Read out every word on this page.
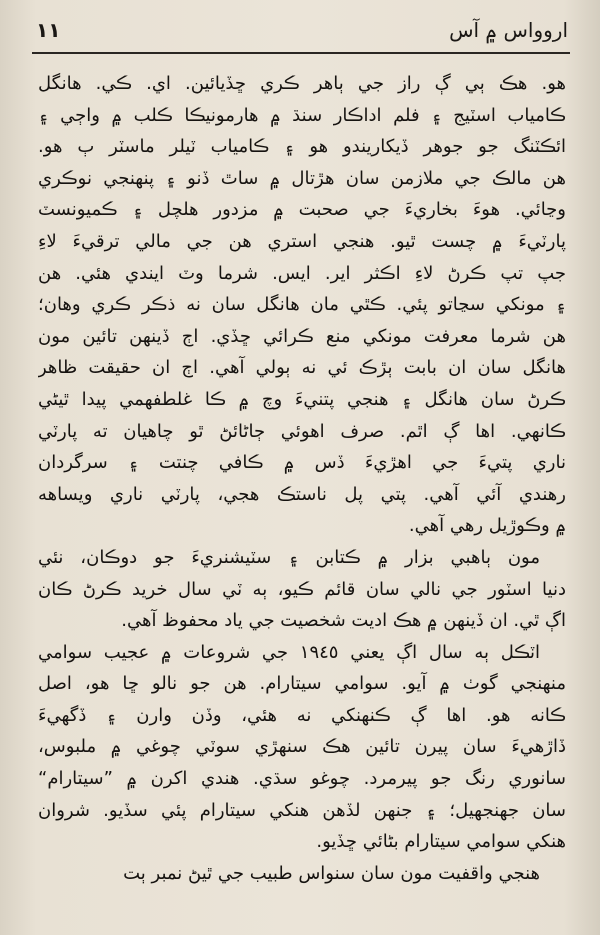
اروواس ۾ آس
١١
هو. هڪ ٻي ڳ راز جي ٻاهر ڪري ڇڏيائين. اي. ڪي. هانگل
ڪامياب اسٽيج ۽ فلم اداڪار سنڌ ۾ هارمونيڪا ڪلب ۾ واڄي ۽
ائڪٽنگ جو جوهر ڏيکاريندو هو ۽ ڪامياب ٽيلر ماسٽر ٻ هو.
هن مالڪ جي ملازمن سان هڙتال ۾ ساٿ ڏنو ۽ پنهنجي نوڪري
وڃائي. هوءَ بخاريءَ جي صحبت ۾ مزدور هلچل ۽ ڪميونسٽ
پارٽيءَ ۾ چست ٿيو. هنجي استري هن جي مالي ترقيءَ لاءِ
جپ تپ ڪرڻ لاءِ اڪثر اير. ايس. شرما وٽ ايندي هئي. هن
۽ مونکي سڃاتو پئي. ڪٿي مان هانگل سان نه ذڪر ڪري وهان؛
هن شرما معرفت مونکي منع ڪرائي ڇڏي. اڄ ڏينهن تائين مون
هانگل سان ان بابت ٻڙڪ ئي نه ٻولي آهي. اڄ ان حقيقت ظاهر
ڪرڻ سان هانگل ۽ هنجي پتنيءَ وچ ۾ ڪا غلطفهمي پيدا ٿيڻي
ڪانهي. اها ڳ اٿم. صرف اهوئي ڄاڻائڻ ٿو چاهيان ته پارٽي
ناري پتيءَ جي اهڙيءَ ڏس ۾ ڪافي چنتت ۽ سرگردان
رهندي آئي آهي. پتي پل ناستڪ هجي، پارٽي ناري ويساهه
۾ وڪوڙيل رهي آهي.
مون ٻاهبي بزار ۾ ڪتابن ۽ سٽيشنريءَ جو دوڪان، نئي
دنيا اسٽور جي نالي سان قائم ڪيو، ٻه ٽي سال خريد ڪرڻ ڪان
اڳ ٿي. ان ڏينهن ۾ هڪ اديت شخصيت جي ياد محفوظ آهي.
اٽڪل ٻه سال اڳ يعني ١٩٤٥ جي شروعات ۾ عجيب سوامي
منهنجي گوٺ ۾ آيو. سوامي سيتارام. هن جو نالو ڇا هو، اصل
ڪانه هو. اها ڳ ڪنهنکي نه هئي، وڏن وارن ۽ ڏگهيءَ
ڏاڙهيءَ سان پيرن تائين هڪ سنهڙي سوٽي چوغي ۾ ملبوس،
سانوري رنگ جو پيرمرد. چوغو سڌي. هندي اکرن ۾ ”سيتارام“
سان جهنجهيل؛ ۽ جنهن لڏهن هنکي سيتارام پئي سڏيو. شروان
هنکي سوامي سيتارام بڻائي ڇڏيو.
هنجي واقفيت مون سان سنواس طبيب جي ٿيڻ نمبر ٻت
